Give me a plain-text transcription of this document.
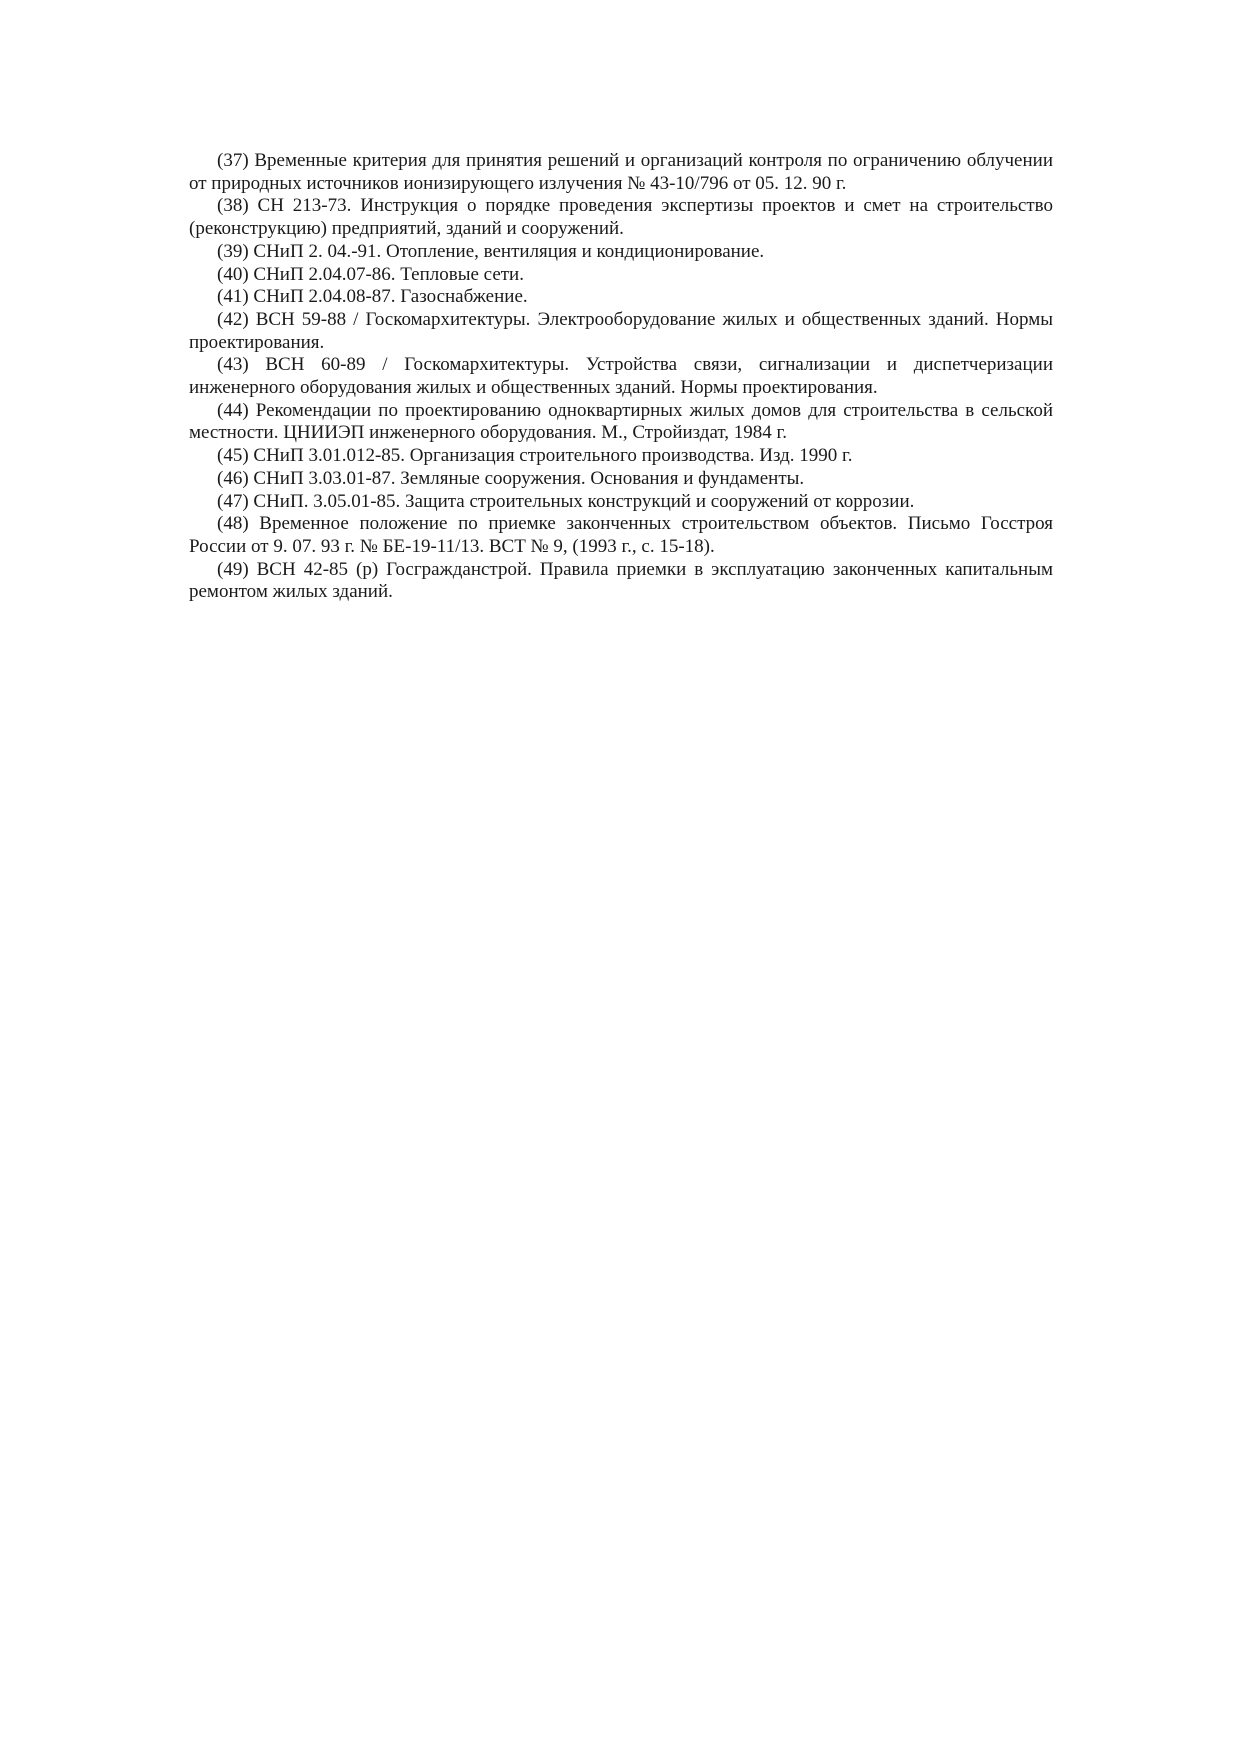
(37) Временные критерия для принятия решений и организаций контроля по ограничению облучении от природных источников ионизирующего излучения № 43-10/796 от 05. 12. 90 г.

(38) СН 213-73. Инструкция о порядке проведения экспертизы проектов и смет на строительство (реконструкцию) предприятий, зданий и сооружений.

(39) СНиП 2. 04.-91. Отопление, вентиляция и кондиционирование.

(40) СНиП 2.04.07-86. Тепловые сети.

(41) СНиП 2.04.08-87. Газоснабжение.

(42) ВСН 59-88 / Госкомархитектуры. Электрооборудование жилых и общественных зданий. Нормы проектирования.

(43) ВСН 60-89 / Госкомархитектуры. Устройства связи, сигнализации и диспетчеризации инженерного оборудования жилых и общественных зданий. Нормы проектирования.

(44) Рекомендации по проектированию одноквартирных жилых домов для строительства в сельской местности. ЦНИИЭП инженерного оборудования. М., Стройиздат, 1984 г.

(45) СНиП 3.01.012-85. Организация строительного производства. Изд. 1990 г.

(46) СНиП 3.03.01-87. Земляные сооружения. Основания и фундаменты.

(47) СНиП. 3.05.01-85. Защита строительных конструкций и сооружений от коррозии.

(48) Временное положение по приемке законченных строительством объектов. Письмо Госстроя России от 9. 07. 93 г. № БЕ-19-11/13. ВСТ № 9, (1993 г., с. 15-18).

(49) ВСН 42-85 (р) Госгражданстрой. Правила приемки в эксплуатацию законченных капитальным ремонтом жилых зданий.
